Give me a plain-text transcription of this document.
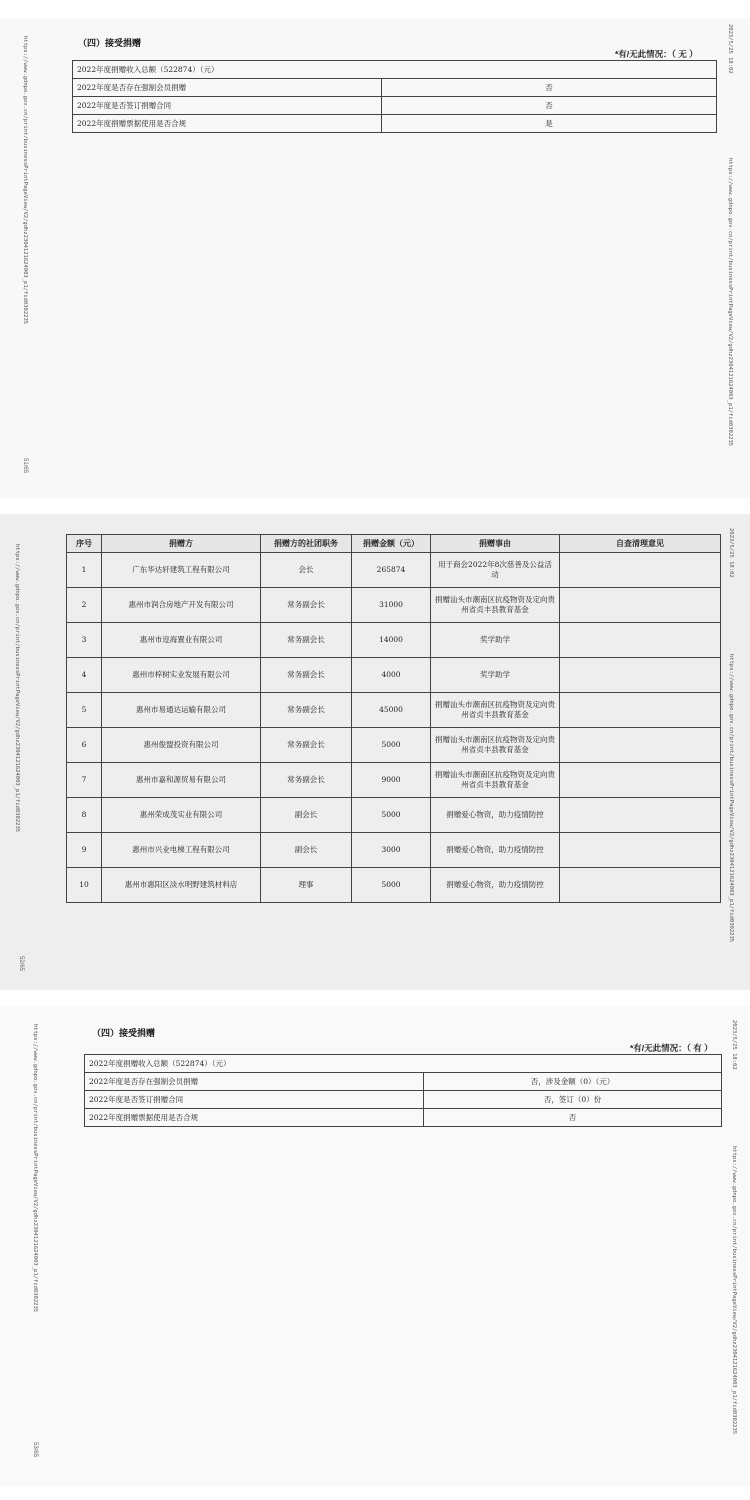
https://www.gdnpo.gov.cn/print/businessPrintPageView/V2/gdhz2304121624003_p1/fid0302235	2023/5/25 18:02
https://www.gdnpo.gov.cn/print/businessPrintPageView/V2/gdhz2304121624003_p1/fid0302235
51/65
（四）接受捐赠
*有/无此情况：（ 无 ）
2022年度捐赠收入总额（522874）（元）	
2022年度是否存在强制会员捐赠	否
2022年度是否签订捐赠合同	否
2022年度捐赠票据使用是否合规	是
https://www.gdnpo.gov.cn/print/businessPrintPageView/V2/gdhz2304121624003_p1/fid0302235	2023/5/25 18:02
https://www.gdnpo.gov.cn/print/businessPrintPageView/V2/gdhz2304121624003_p1/fid0302235
52/65
序号	捐赠方	捐赠方的社团职务	捐赠金额（元）	捐赠事由	自查清理意见
1	广东华达轩建筑工程有限公司	会长	265874	用于商会2022年8次慈善及公益活动	
2	惠州市润合房地产开发有限公司	常务副会长	31000	捐赠汕头市潮南区抗疫物资及定向贵州省贞丰县教育基金	
3	惠州市迩海置业有限公司	常务副会长	14000	奖学助学	
4	惠州市梓树实业发展有限公司	常务副会长	4000	奖学助学	
5	惠州市易通达运输有限公司	常务副会长	45000	捐赠汕头市潮南区抗疫物资及定向贵州省贞丰县教育基金	
6	惠州俊盟投资有限公司	常务副会长	5000	捐赠汕头市潮南区抗疫物资及定向贵州省贞丰县教育基金	
7	惠州市嘉和源贸易有限公司	常务副会长	9000	捐赠汕头市潮南区抗疫物资及定向贵州省贞丰县教育基金	
8	惠州荣成茂实业有限公司	副会长	5000	捐赠爱心物资，助力疫情防控	
9	惠州市兴业电梯工程有限公司	副会长	3000	捐赠爱心物资，助力疫情防控	
10	惠州市惠阳区淡水明野建筑材料店	理事	5000	捐赠爱心物资，助力疫情防控	
https://www.gdnpo.gov.cn/print/businessPrintPageView/V2/gdhz2304121624003_p1/fid0302235	2023/5/25 18:02
https://www.gdnpo.gov.cn/print/businessPrintPageView/V2/gdhz2304121624003_p1/fid0302235
53/65
（四）接受捐赠
*有/无此情况：（ 有 ）
2022年度捐赠收入总额（522874）（元）	
2022年度是否存在强制会员捐赠	否，涉及金额（0）（元）
2022年度是否签订捐赠合同	否，签订（0）份
2022年度捐赠票据使用是否合规	否
